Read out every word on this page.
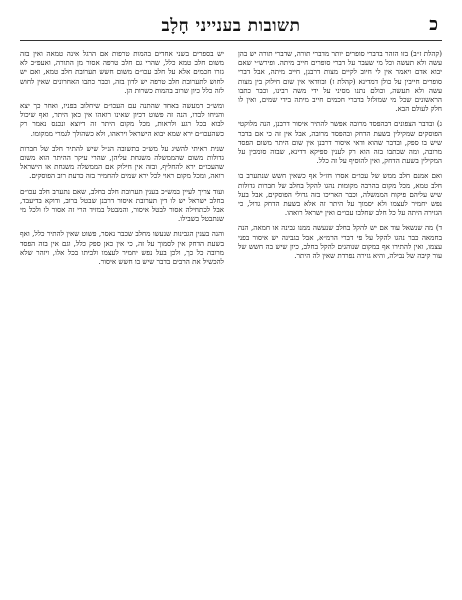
כ
תשובות בענייני חָלָב

(קהלת ז״ב) בזו הזהר בדברי סופרים יותר מדברי תורה, שדברי תורה יש בהן עשה ולא תעשה וכל מי שעבר על דברי סופרים חייב מיתה. ופירש״י שאם יבוא אדם ויאמר אין לי חיוב לקיים מצות דרבנן, חייב מיתה, אבל דברי סופרים חייבין על כולן דמדינא (קהלת ז) ובוודאי אין שום חילוק בין מצות עשה ולא תעשה, וכולם נתנו מסיני על ידי משה רבינו, וכבר כתבו הראשונים שכל מי שמזלזל בדברי חכמים חייב מיתה בידי שמים, ואין לו חלק לעולם הבא.

ג) ובדבר הצפונים דבהפסד מרובה אפשר להתיר איסור דרבנן, הנה מלוקטי הפוסקים שמקילין בשעת הדחק ובהפסד מרובה, אבל אין זה כי אם בדבר שיש בו ספק, ובדבר שהוא ודאי איסור דרבנן אין שום היתר משום הפסד מרובה, ומה שכתבו בזה הוא רק לענין ספיקא דדינא, שבזה סומכין על המקילין בשעת הדחק, ואין להוסיף על זה כלל.

ואם אמנם חלב ממש של עכו״ם אסרו חז״ל אף כשאין חשש שנתערב בו חלב טמא, מכל מקום בהרבה מקומות נהגו להקל בחלב של חברות גדולות שיש עליהם פיקוח הממשלה, וכבר האריכו בזה גדולי הפוסקים, אבל בעל נפש יחמיר לעצמו ולא יסמוך על היתר זה אלא בשעת הדחק גדול, כי הגזירה היתה על כל חלב שחלבו עכו״ם ואין ישראל רואהו.

ד) מה שנשאל עוד אם יש להקל בחלב שנעשה ממנו גבינה או חמאה, הנה בחמאה כבר נהגו להקל על פי דברי הרמ״א, אבל בגבינה יש איסור בפני עצמו, ואין להתירו אף במקום שנוהגים להקל בחלב, כיון שיש בה חשש של עור קיבה של נבילה, והיא גזירה נפרדת שאין לה היתר.

יש בספרים בשני אחדים בהמות טרפות אם הרגל אינה טמאה ואין בזה משום חלב טמא כלל, שהרי גם חלב טרפה אסור מן התורה, ואעפ״כ לא גזרו חכמים אלא על חלב עכו״ם משום חשש תערובת חלב טמא, ואם יש לחוש לתערובת חלב טרפה יש לדון בזה, וכבר כתבו האחרונים שאין לחוש לזה כלל כיון שרוב בהמות כשרות הן.

ומש״כ דמעשה באחד שהתנה עם העכו״ם שיחלוב בפניו, ואחר כך יצא והניחו לבדו, הנה זה פשוט דכיון שאינו רואהו אין כאן היתר, ואף שיכול לבוא בכל רגע ולראות, מכל מקום היתר זה דיוצא ונכנס נאמר רק כשהעכו״ם ירא שמא יבוא הישראל ויראהו, ולא כשהולך לגמרי ממקומו.

שנית ראיתי להשיג על מש״כ בתשובה הנ״ל שיש להתיר חלב של חברות גדולות משום שהממשלה משגחת עליהן, שהרי עיקר ההיתר הוא משום שהעכו״ם ירא להחליף, ובזה אין חילוק אם הממשלה משגחת או הישראל רואה, ומכל מקום ראוי לכל ירא שמים להחמיר בזה כדעת רוב הפוסקים.

ועוד צריך לעיין במש״כ בענין תערובת חלב בחלב, שאם נתערב חלב עכו״ם בחלב ישראל יש לו דין תערובת איסור דרבנן שבטל ברוב, ודוקא בדיעבד, אבל לכתחילה אסור לבטל איסור, והמבטל במזיד הרי זה אסור לו ולכל מי שנתבטל בשבילו.

והנה בענין הגבינות שנעשו מחלב שכבר נאסר, פשוט שאין להתיר כלל, ואף בשעת הדחק אין לסמוך על זה, כי אין כאן ספק כלל, וגם אין בזה הפסד מרובה כל כך, ולכן בעל נפש יחמיר לעצמו ולביתו בכל אלו, ויזהר שלא להכשיל את הרבים בדבר שיש בו חשש איסור.
